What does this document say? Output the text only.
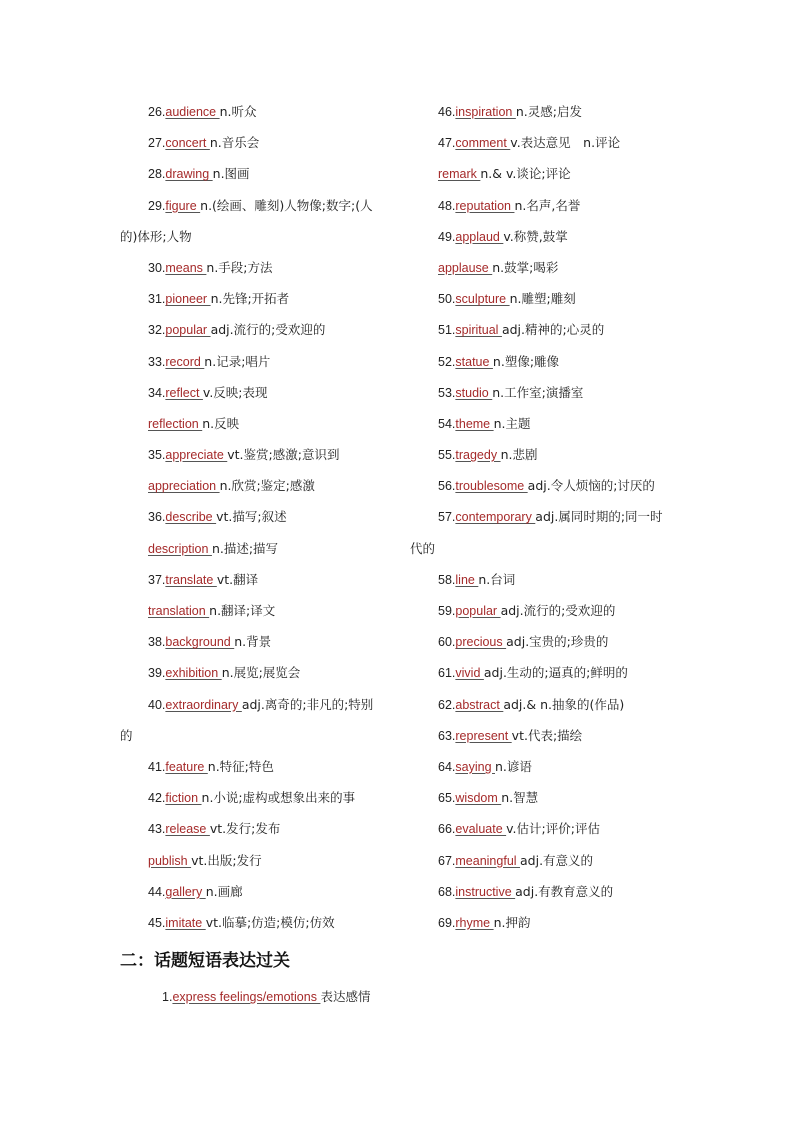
26.audience n.听众
27.concert n.音乐会
28.drawing n.图画
29.figure n.(绘画、雕刻)人物像;数字;(人
的)体形;人物
30.means n.手段;方法
31.pioneer n.先锋;开拓者
32.popular adj.流行的;受欢迎的
33.record n.记录;唱片
34.reflect v.反映;表现
reflection n.反映
35.appreciate vt.鉴赏;感激;意识到
appreciation n.欣赏;鉴定;感激
36.describe vt.描写;叙述
description n.描述;描写
37.translate vt.翻译
translation n.翻译;译文
38.background n.背景
39.exhibition n.展览;展览会
40.extraordinary adj.离奇的;非凡的;特别
的
41.feature n.特征;特色
42.fiction n.小说;虚构或想象出来的事
43.release vt.发行;发布
publish vt.出版;发行
44.gallery n.画廊
45.imitate vt.临摹;仿造;模仿;仿效
46.inspiration n.灵感;启发
47.comment v.表达意见　n.评论
remark n.& v.谈论;评论
48.reputation n.名声,名誉
49.applaud v.称赞,鼓掌
applause n.鼓掌;喝彩
50.sculpture n.雕塑;雕刻
51.spiritual adj.精神的;心灵的
52.statue n.塑像;雕像
53.studio n.工作室;演播室
54.theme n.主题
55.tragedy n.悲剧
56.troublesome adj.令人烦恼的;讨厌的
57.contemporary adj.属同时期的;同一时
代的
58.line n.台词
59.popular adj.流行的;受欢迎的
60.precious adj.宝贵的;珍贵的
61.vivid adj.生动的;逼真的;鲜明的
62.abstract adj.& n.抽象的(作品)
63.represent vt.代表;描绘
64.saying n.谚语
65.wisdom n.智慧
66.evaluate v.估计;评价;评估
67.meaningful adj.有意义的
68.instructive adj.有教育意义的
69.rhyme n.押韵
二：话题短语表达过关
1.express feelings/emotions 表达感情
